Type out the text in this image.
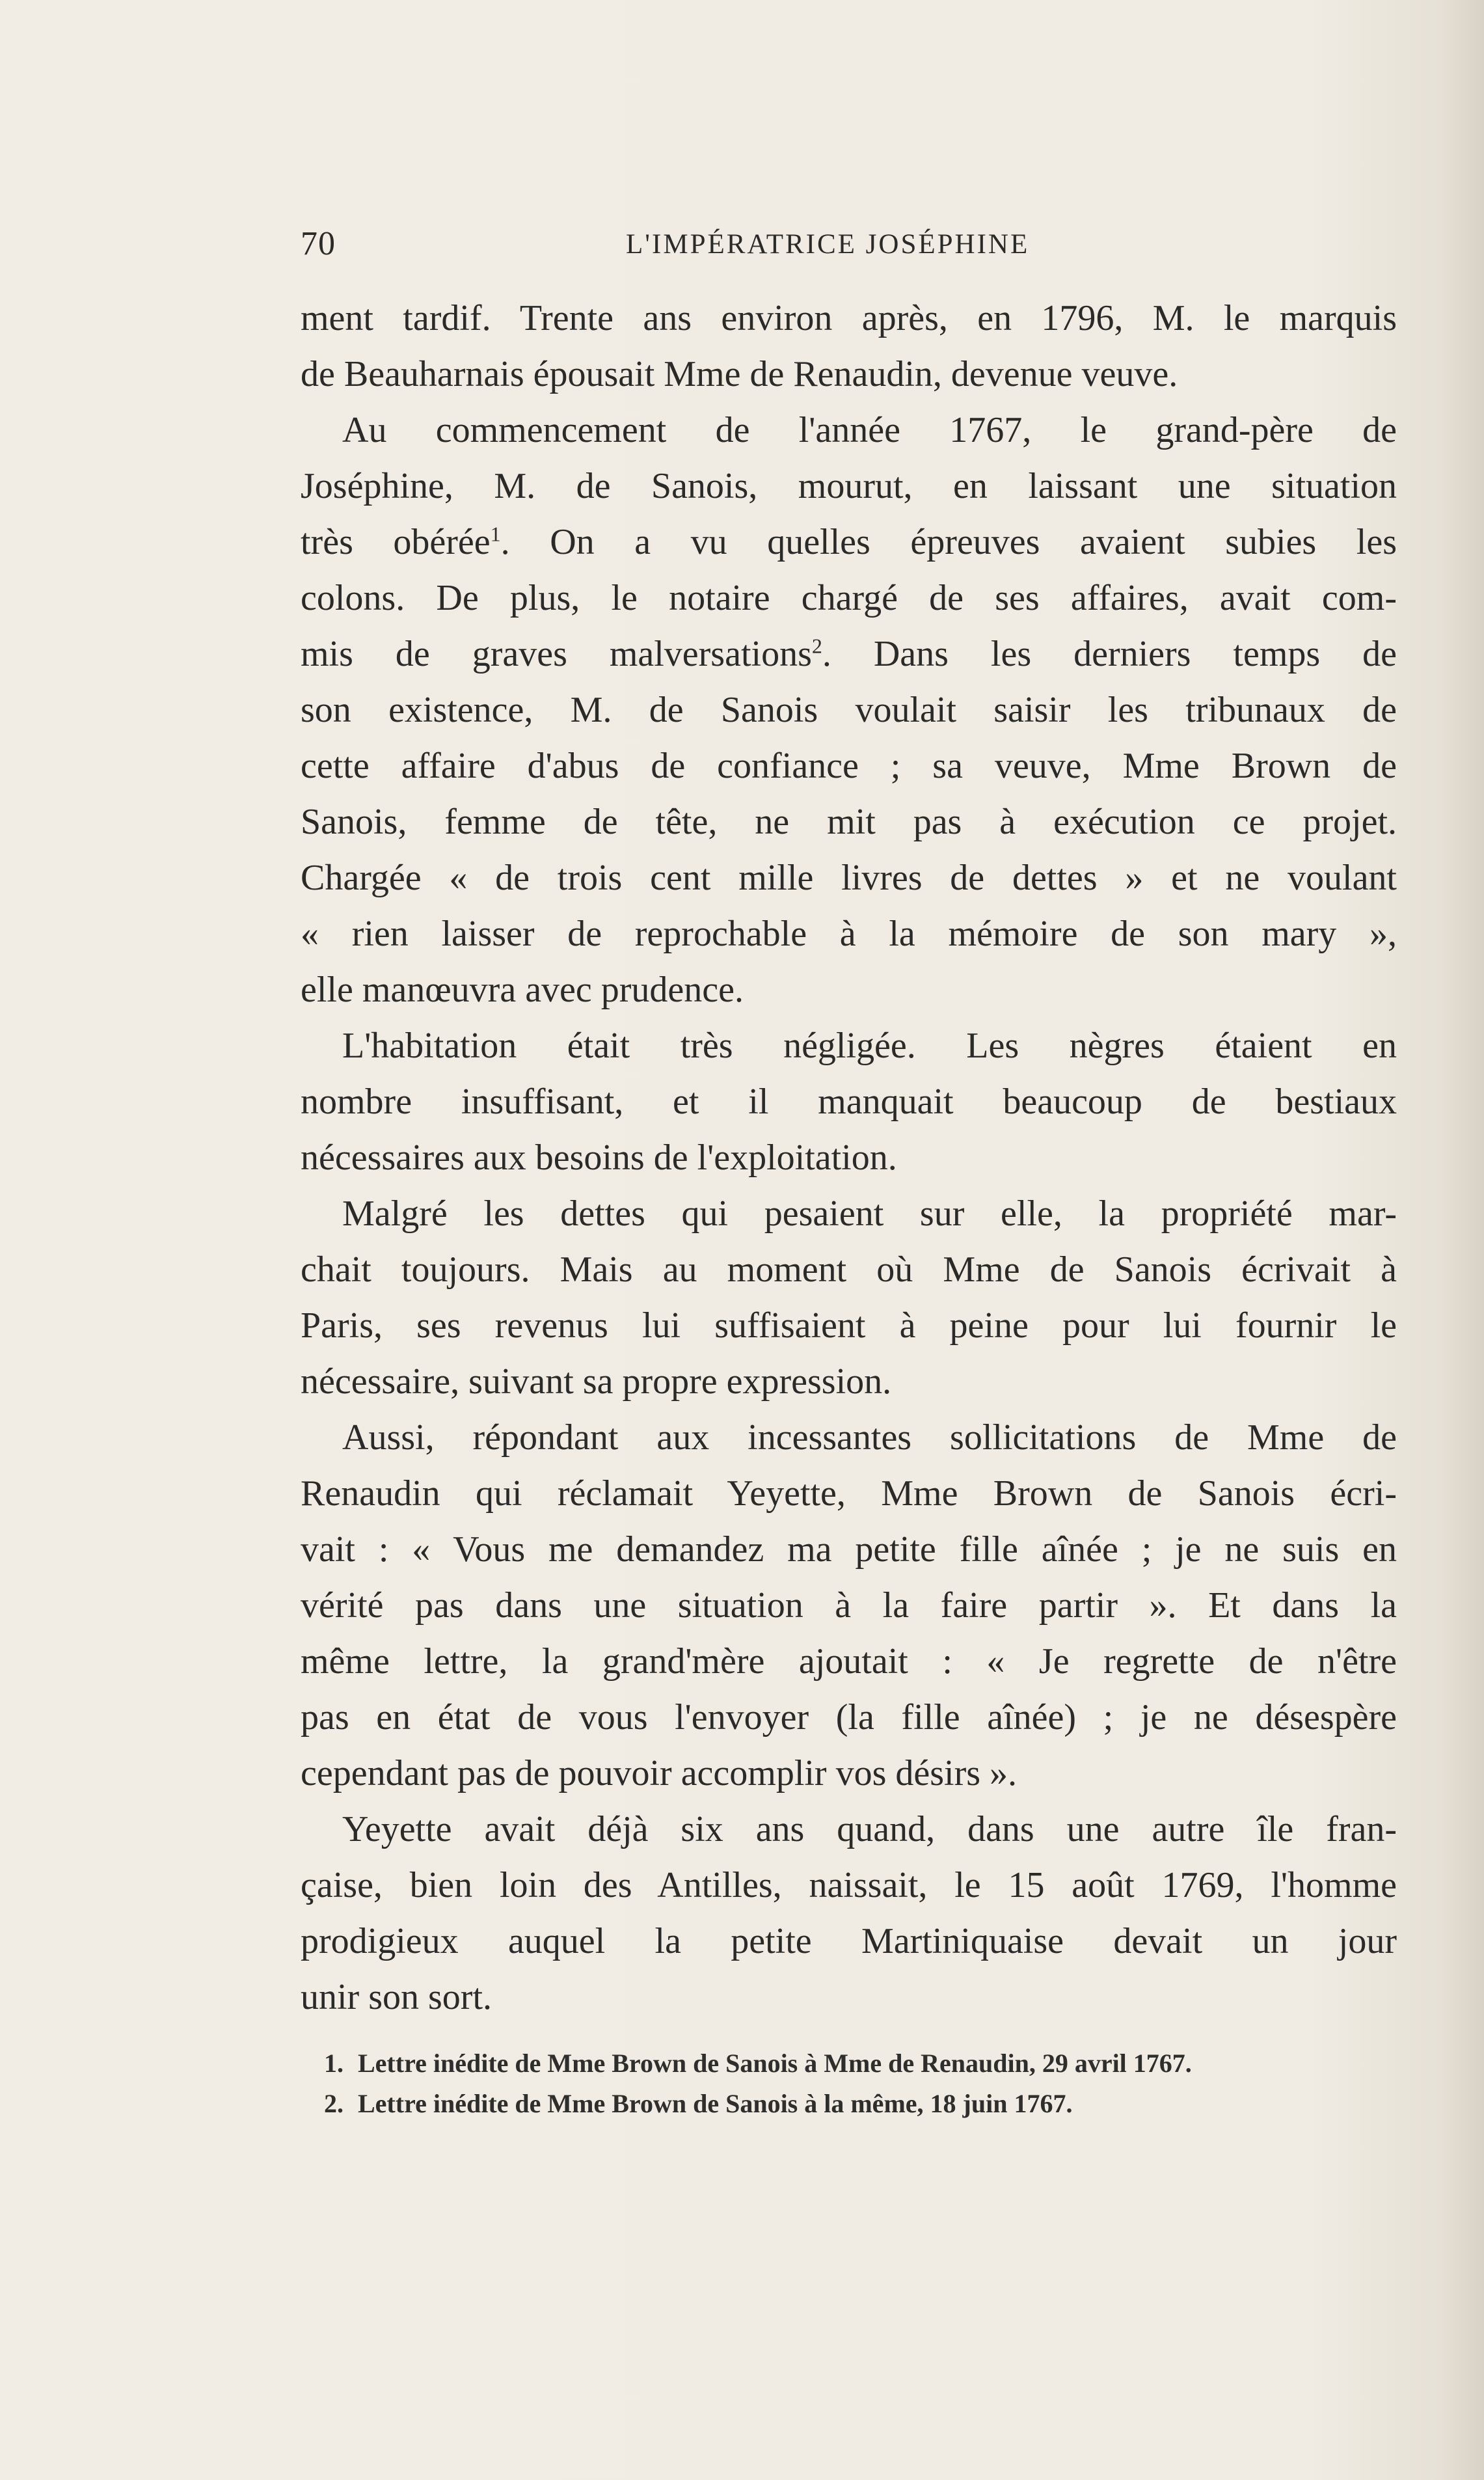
70	L'IMPÉRATRICE JOSÉPHINE
ment tardif. Trente ans environ après, en 1796, M. le marquis
de Beauharnais épousait Mme de Renaudin, devenue veuve.
Au commencement de l'année 1767, le grand-père de
Joséphine, M. de Sanois, mourut, en laissant une situation
très obérée$^1$. On a vu quelles épreuves avaient subies les
colons. De plus, le notaire chargé de ses affaires, avait com-
mis de graves malversations$^2$. Dans les derniers temps de
son existence, M. de Sanois voulait saisir les tribunaux de
cette affaire d'abus de confiance ; sa veuve, Mme Brown de
Sanois, femme de tête, ne mit pas à exécution ce projet.
Chargée « de trois cent mille livres de dettes » et ne voulant
« rien laisser de reprochable à la mémoire de son mary »,
elle manœuvra avec prudence.
L'habitation était très négligée. Les nègres étaient en
nombre insuffisant, et il manquait beaucoup de bestiaux
nécessaires aux besoins de l'exploitation.
Malgré les dettes qui pesaient sur elle, la propriété mar-
chait toujours. Mais au moment où Mme de Sanois écrivait à
Paris, ses revenus lui suffisaient à peine pour lui fournir le
nécessaire, suivant sa propre expression.
Aussi, répondant aux incessantes sollicitations de Mme de
Renaudin qui réclamait Yeyette, Mme Brown de Sanois écri-
vait : « Vous me demandez ma petite fille aînée ; je ne suis en
vérité pas dans une situation à la faire partir ». Et dans la
même lettre, la grand'mère ajoutait : « Je regrette de n'être
pas en état de vous l'envoyer (la fille aînée) ; je ne désespère
cependant pas de pouvoir accomplir vos désirs ».
Yeyette avait déjà six ans quand, dans une autre île fran-
çaise, bien loin des Antilles, naissait, le 15 août 1769, l'homme
prodigieux auquel la petite Martiniquaise devait un jour
unir son sort.
1. Lettre inédite de Mme Brown de Sanois à Mme de Renaudin, 29 avril 1767.
2. Lettre inédite de Mme Brown de Sanois à la même, 18 juin 1767.
